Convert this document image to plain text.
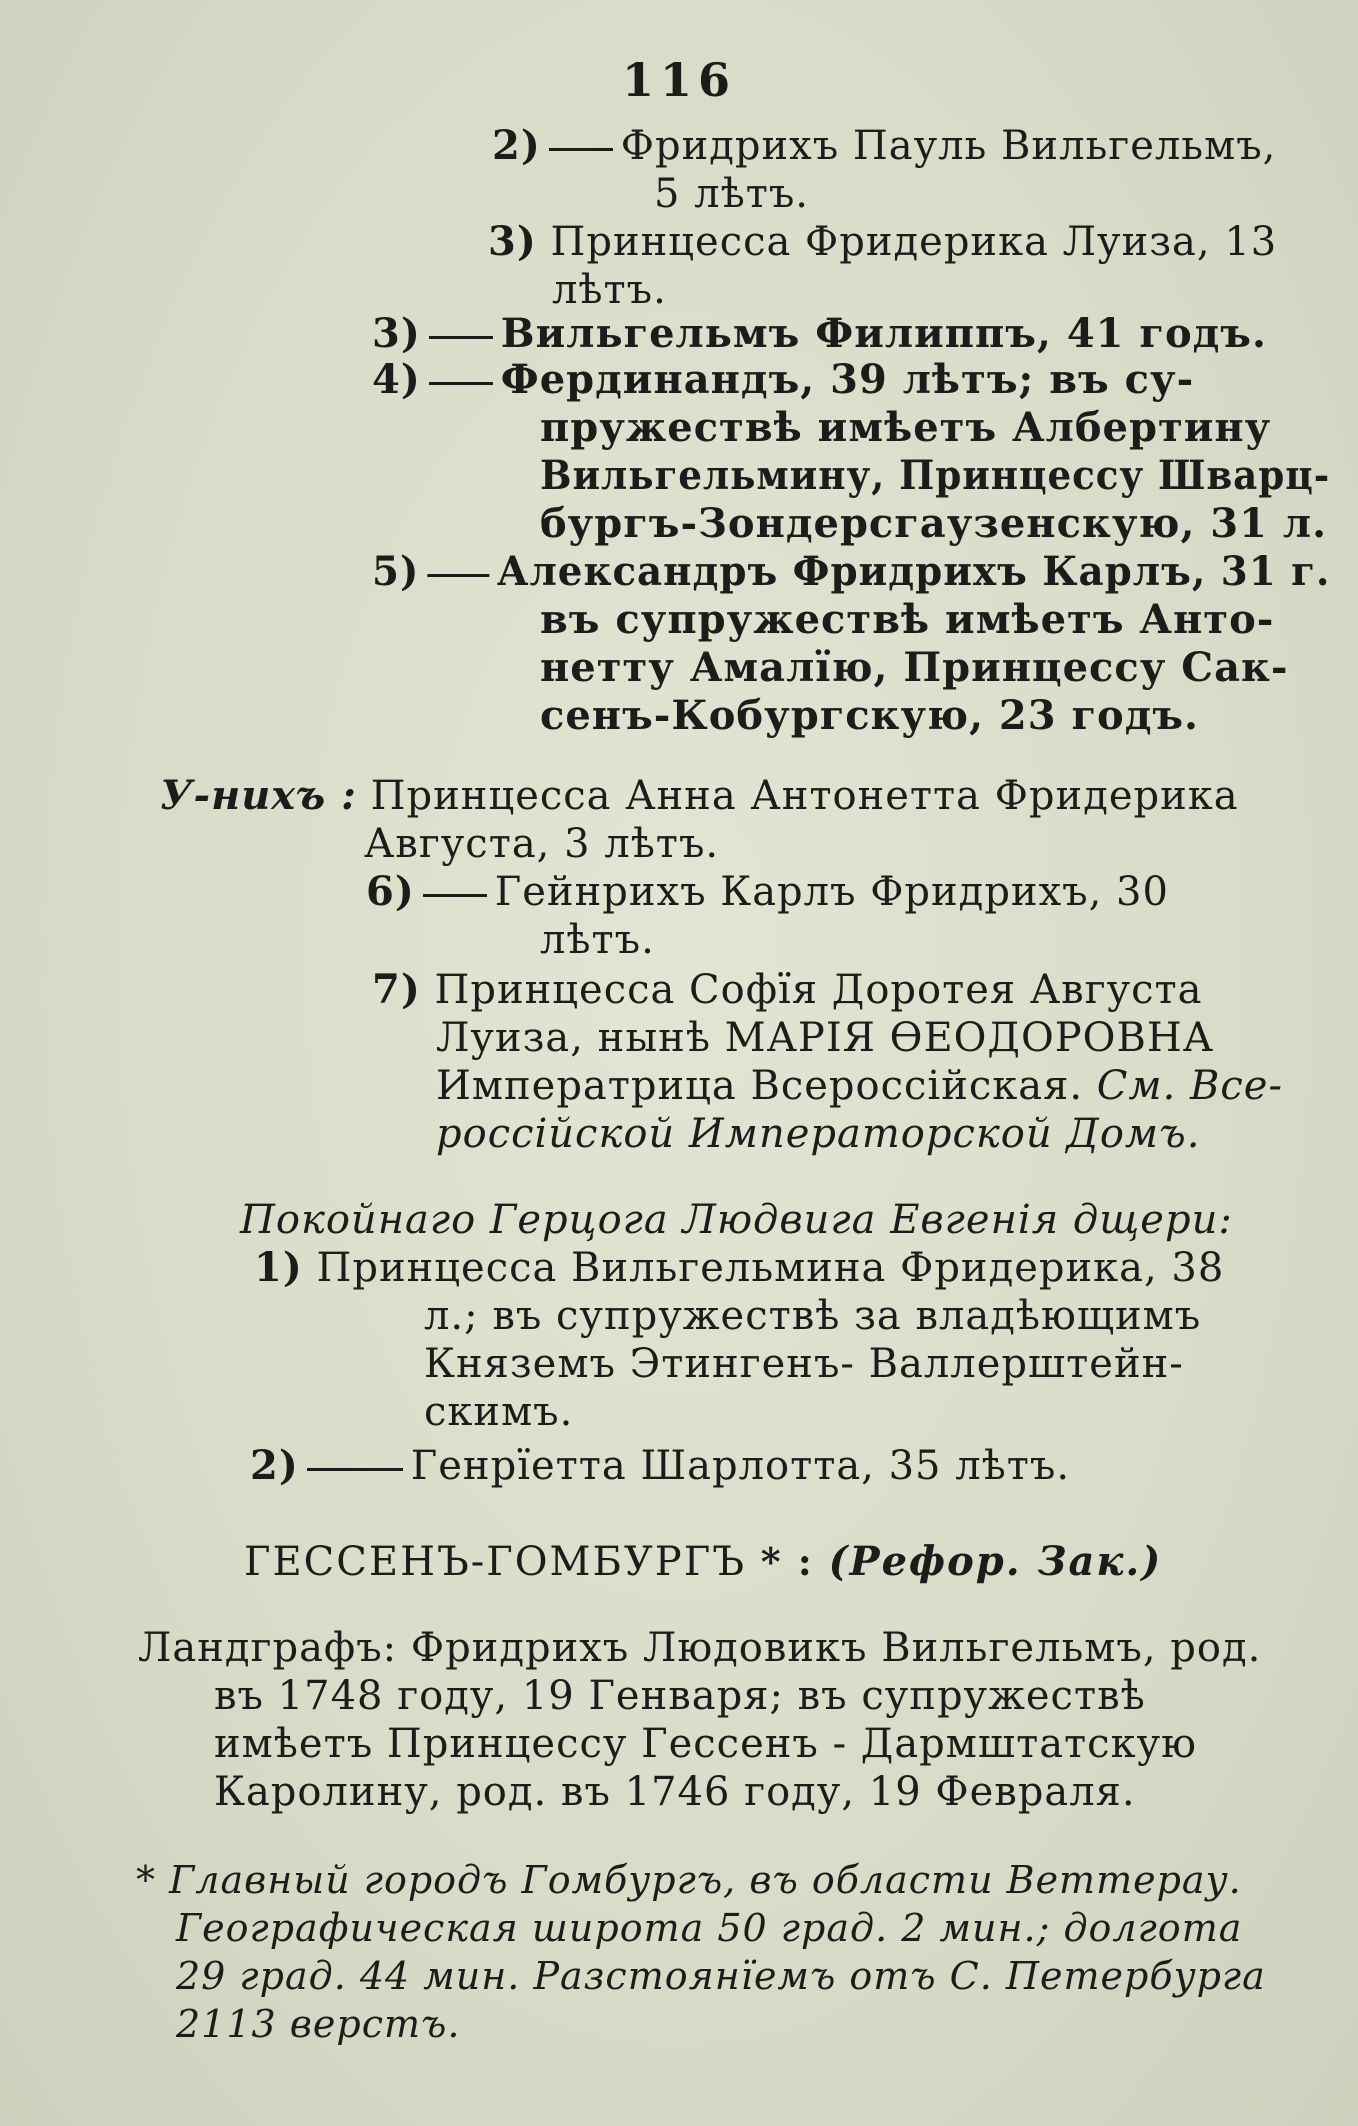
116
2) Фридрихъ Пауль Вильгельмъ,
5 лѣтъ.
3) Принцесса Фридерика Луиза, 13
лѣтъ.
3) Вильгельмъ Филиппъ, 41 годъ.
4) Фердинандъ, 39 лѣтъ; въ су-
пружествѣ имѣетъ Албертину
Вильгельмину, Принцессу Шварц-
бургъ-Зондерсгаузенскую, 31 л.
5) Александръ Фридрихъ Карлъ, 31 г.
въ супружествѣ имѣетъ Анто-
нетту Амалїю, Принцессу Сак-
сенъ-Кобургскую, 23 годъ.
У-нихъ : Принцесса Анна Антонетта Фридерика
Августа, 3 лѣтъ.
6) Гейнрихъ Карлъ Фридрихъ, 30
лѣтъ.
7) Принцесса Софїя Доротея Августа
Луиза, нынѣ МАРІЯ ѲЕОДОРОВНА
Императрица Всероссійская. См. Все-
россійской Императорской Домъ.
Покойнаго Герцога Людвига Евгенія дщери:
1) Принцесса Вильгельмина Фридерика, 38
л.; въ супружествѣ за владѣющимъ
Княземъ Этингенъ- Валлерштейн-
скимъ.
2)	Генрїетта Шарлотта, 35 лѣтъ.
ГЕССЕНЪ-ГОМБУРГЪ * : (Рефор. Зак.)
Ландграфъ: Фридрихъ Людовикъ Вильгельмъ, род.
въ 1748 году, 19 Генваря; въ супружествѣ
имѣетъ Принцессу Гессенъ - Дармштатскую
Каролину, род. въ 1746 году, 19 Февраля.
* Главный городъ Гомбургъ, въ области Веттерау.
Географическая широта 50 град. 2 мин.; долгота
29 град. 44 мин. Разстоянїемъ отъ С. Петербурга
2113 верстъ.
